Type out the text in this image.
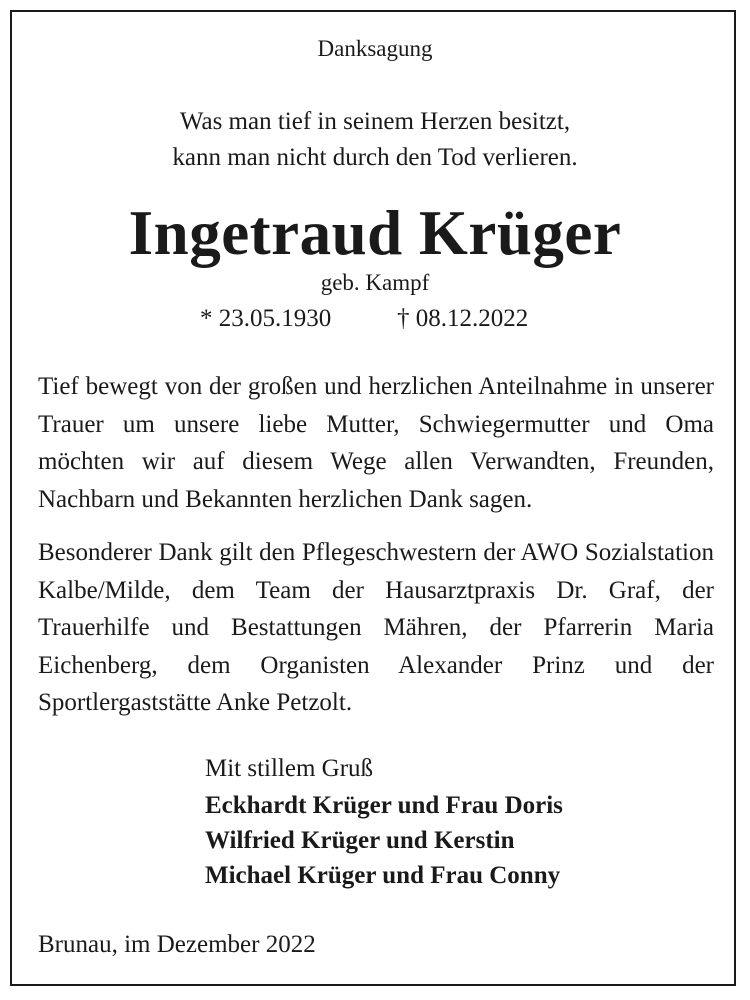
Danksagung

Was man tief in seinem Herzen besitzt,

kann man nicht durch den Tod verlieren.

Ingetraud Krüger

geb. Kampf

* 23.05.1930	† 08.12.2022

Tief bewegt von der großen und herzlichen Anteilnahme in unserer Trauer um unsere liebe Mutter, Schwiegermutter und Oma möchten wir auf diesem Wege allen Verwandten, Freunden, Nachbarn und Bekannten herzlichen Dank sagen.

Besonderer Dank gilt den Pflegeschwestern der AWO Sozialstation Kalbe/Milde, dem Team der Hausarztpraxis Dr. Graf, der Trauerhilfe und Bestattungen Mähren, der Pfarrerin Maria Eichenberg, dem Organisten Alexander Prinz und der Sportlergaststätte Anke Petzolt.

Mit stillem Gruß

Eckhardt Krüger und Frau Doris

Wilfried Krüger und Kerstin

Michael Krüger und Frau Conny

Brunau, im Dezember 2022
